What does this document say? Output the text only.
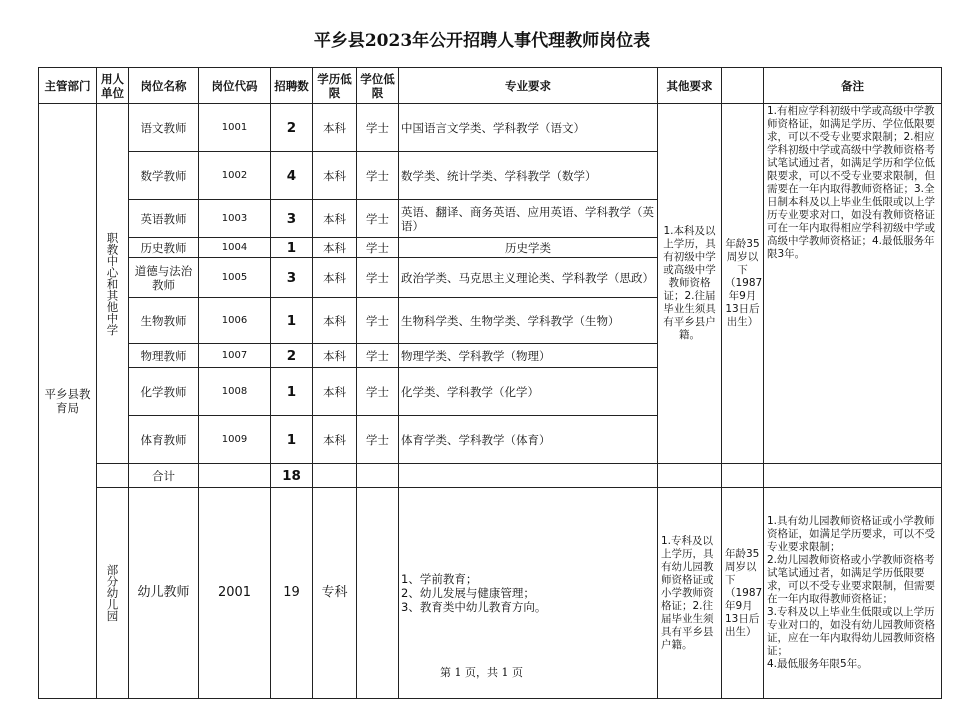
平乡县2023年公开招聘人事代理教师岗位表
主管部门	用人单位	岗位名称	岗位代码	招聘数	学历低限	学位低限	专业要求	其他要求		备注
平乡县教育局	职教中心和其他中学	语文教师	1001	2	本科	学士	中国语言文学类、学科教学（语文）	1.本科及以上学历，具有初级中学或高级中学教师资格证；2.往届毕业生须具有平乡县户籍。	年龄35周岁以下（1987年9月13日后出生）	1.有相应学科初级中学或高级中学教师资格证，如满足学历、学位低限要求，可以不受专业要求限制；2.相应学科初级中学或高级中学教师资格考试笔试通过者，如满足学历和学位低限要求，可以不受专业要求限制，但需要在一年内取得教师资格证；3.全日制本科及以上毕业生低限或以上学历专业要求对口，如没有教师资格证可在一年内取得相应学科初级中学或高级中学教师资格证；4.最低服务年限3年。
		数学教师	1002	4	本科	学士	数学类、统计学类、学科教学（数学）			
		英语教师	1003	3	本科	学士	英语、翻译、商务英语、应用英语、学科教学（英语）			
		历史教师	1004	1	本科	学士	历史学类			
		道德与法治教师	1005	3	本科	学士	政治学类、马克思主义理论类、学科教学（思政）			
		生物教师	1006	1	本科	学士	生物科学类、生物学类、学科教学（生物）			
		物理教师	1007	2	本科	学士	物理学类、学科教学（物理）			
		化学教师	1008	1	本科	学士	化学类、学科教学（化学）			
		体育教师	1009	1	本科	学士	体育学类、学科教学（体育）			
		合计		18						

	部分幼儿园	幼儿教师	2001	19	专科		1、学前教育；
2、幼儿发展与健康管理；
3、教育类中幼儿教育方向。	1.专科及以上学历，具有幼儿园教师资格证或小学教师资格证；2.往届毕业生须具有平乡县户籍。	年龄35周岁以下（1987年9月13日后出生）	1.具有幼儿园教师资格证或小学教师资格证，如满足学历要求，可以不受专业要求限制；
2.幼儿园教师资格或小学教师资格考试笔试通过者，如满足学历低限要求，可以不受专业要求限制，但需要在一年内取得教师资格证；
3.专科及以上毕业生低限或以上学历专业对口的，如没有幼儿园教师资格证，应在一年内取得幼儿园教师资格证；
4.最低服务年限5年。
第 1 页，共 1 页
